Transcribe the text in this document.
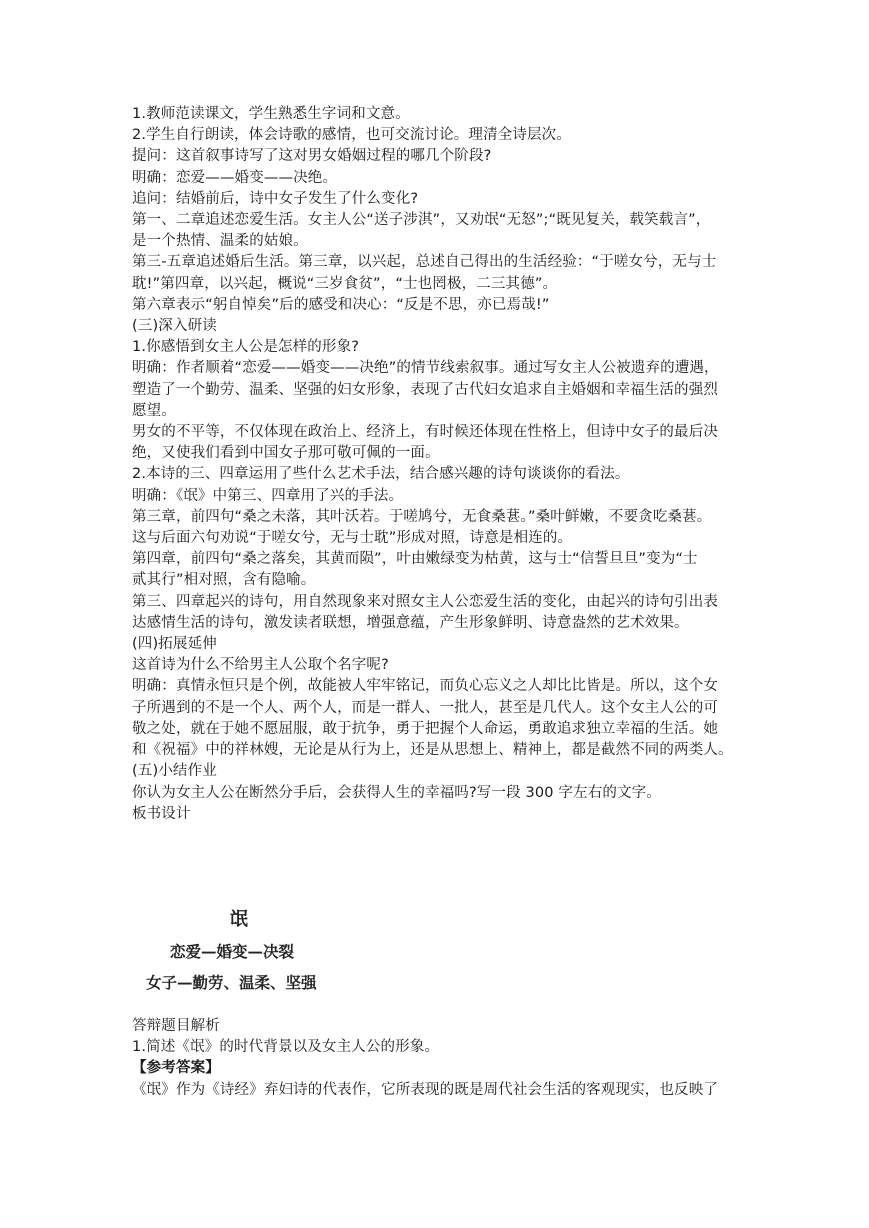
1.教师范读课文，学生熟悉生字词和文意。
2.学生自行朗读，体会诗歌的感情，也可交流讨论。理清全诗层次。
提问：这首叙事诗写了这对男女婚姻过程的哪几个阶段?
明确：恋爱——婚变——决绝。
追问：结婚前后，诗中女子发生了什么变化?
第一、二章追述恋爱生活。女主人公“送子涉淇”，又劝氓“无怒”;“既见复关，载笑载言”，
是一个热情、温柔的姑娘。
第三-五章追述婚后生活。第三章，以兴起，总述自己得出的生活经验：“于嗟女兮，无与士
耽!”第四章，以兴起，概说“三岁食贫”，“士也罔极，二三其德”。
第六章表示“躬自悼矣”后的感受和决心：“反是不思，亦已焉哉!”
(三)深入研读
1.你感悟到女主人公是怎样的形象?
明确：作者顺着“恋爱——婚变——决绝”的情节线索叙事。通过写女主人公被遗弃的遭遇，
塑造了一个勤劳、温柔、坚强的妇女形象，表现了古代妇女追求自主婚姻和幸福生活的强烈
愿望。
男女的不平等，不仅体现在政治上、经济上，有时候还体现在性格上，但诗中女子的最后决
绝，又使我们看到中国女子那可敬可佩的一面。
2.本诗的三、四章运用了些什么艺术手法，结合感兴趣的诗句谈谈你的看法。
明确：《氓》中第三、四章用了兴的手法。
第三章，前四句“桑之未落，其叶沃若。于嗟鸠兮，无食桑葚。”桑叶鲜嫩，不要贪吃桑葚。
这与后面六句劝说“于嗟女兮，无与士耽”形成对照，诗意是相连的。
第四章，前四句“桑之落矣，其黄而陨”，叶由嫩绿变为枯黄，这与士“信誓旦旦”变为“士
贰其行”相对照，含有隐喻。
第三、四章起兴的诗句，用自然现象来对照女主人公恋爱生活的变化，由起兴的诗句引出表
达感情生活的诗句，激发读者联想，增强意蕴，产生形象鲜明、诗意盎然的艺术效果。
(四)拓展延伸
这首诗为什么不给男主人公取个名字呢?
明确：真情永恒只是个例，故能被人牢牢铭记，而负心忘义之人却比比皆是。所以，这个女
子所遇到的不是一个人、两个人，而是一群人、一批人，甚至是几代人。这个女主人公的可
敬之处，就在于她不愿屈服，敢于抗争，勇于把握个人命运，勇敢追求独立幸福的生活。她
和《祝福》中的祥林嫂，无论是从行为上，还是从思想上、精神上，都是截然不同的两类人。
(五)小结作业
你认为女主人公在断然分手后，会获得人生的幸福吗?写一段 300 字左右的文字。
板书设计
氓
恋爱—婚变—决裂
女子—勤劳、温柔、坚强
答辩题目解析
1.简述《氓》的时代背景以及女主人公的形象。
【参考答案】
《氓》作为《诗经》弃妇诗的代表作，它所表现的既是周代社会生活的客观现实，也反映了
